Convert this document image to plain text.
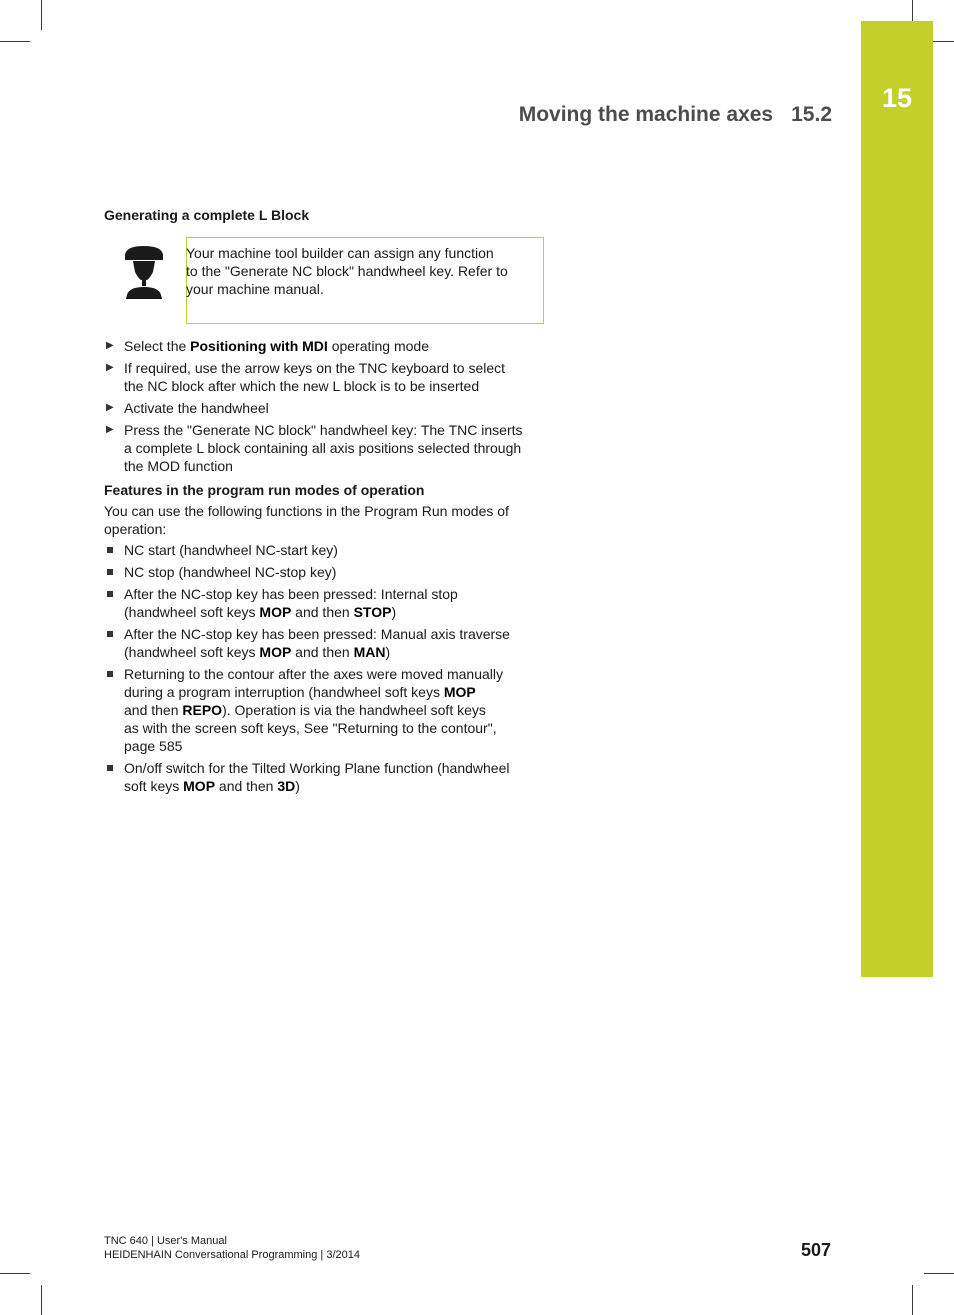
15
Moving the machine axes 15.2
Generating a complete L Block
Your machine tool builder can assign any function
to the "Generate NC block" handwheel key. Refer to
your machine manual.
▶ Select the Positioning with MDI operating mode
▶ If required, use the arrow keys on the TNC keyboard to select
the NC block after which the new L block is to be inserted
▶ Activate the handwheel
▶ Press the "Generate NC block" handwheel key: The TNC inserts
a complete L block containing all axis positions selected through
the MOD function
Features in the program run modes of operation
You can use the following functions in the Program Run modes of
operation:
NC start (handwheel NC-start key)
NC stop (handwheel NC-stop key)
After the NC-stop key has been pressed: Internal stop
(handwheel soft keys MOP and then STOP)
After the NC-stop key has been pressed: Manual axis traverse
(handwheel soft keys MOP and then MAN)
Returning to the contour after the axes were moved manually
during a program interruption (handwheel soft keys MOP
and then REPO). Operation is via the handwheel soft keys
as with the screen soft keys, See "Returning to the contour",
page 585
On/off switch for the Tilted Working Plane function (handwheel
soft keys MOP and then 3D)
TNC 640 | User's Manual
HEIDENHAIN Conversational Programming | 3/2014	507
